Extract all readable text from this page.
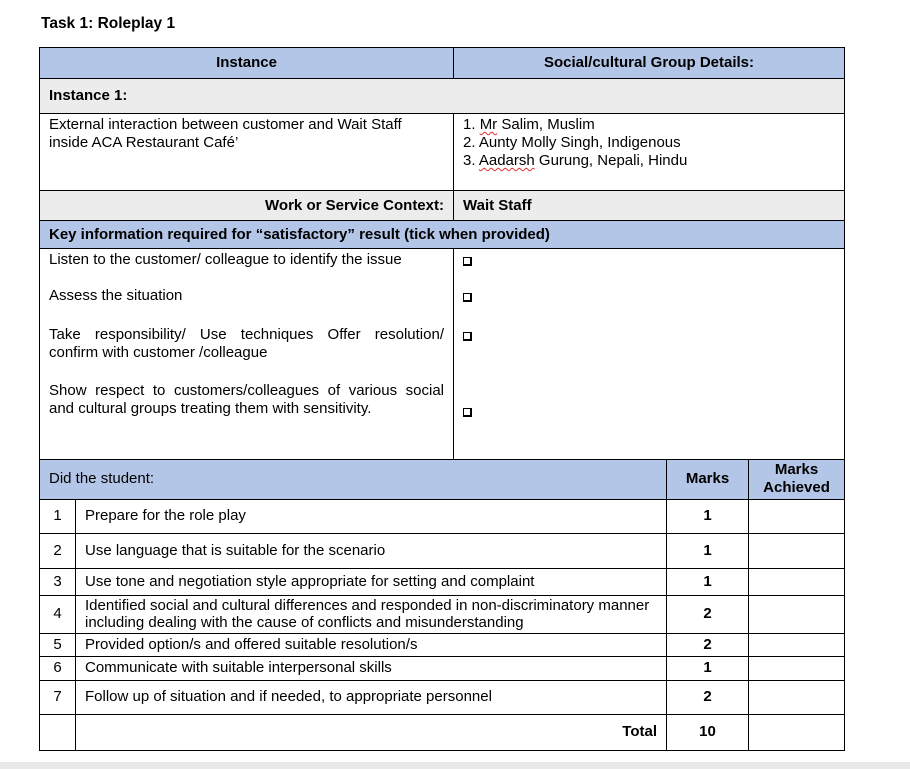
Task 1: Roleplay 1
Instance	Social/cultural Group Details:
Instance 1:	
External interaction between customer and Wait Staff inside ACA Restaurant Café’	1. Mr Salim, Muslim
2. Aunty Molly Singh, Indigenous
3. Aadarsh Gurung, Nepali, Hindu

Work or Service Context:	Wait Staff
Key information required for “satisfactory” result (tick when provided)	
Listen to the customer/ colleague to identify the issue	
Assess the situation	
Take responsibility/ Use techniques Offer resolution/ confirm with customer /colleague	
Show respect to customers/colleagues of various social and cultural groups treating them with sensitivity.	
Did the student:		Marks	Marks Achieved
1	Prepare for the role play	1	
2	Use language that is suitable for the scenario	1	
3	Use tone and negotiation style appropriate for setting and complaint	1	
4	Identified social and cultural differences and responded in non-discriminatory manner including dealing with the cause of conflicts and misunderstanding	2	
5	Provided option/s and offered suitable resolution/s	2	
6	Communicate with suitable interpersonal skills	1	
7	Follow up of situation and if needed, to appropriate personnel	2	
	Total	10	
